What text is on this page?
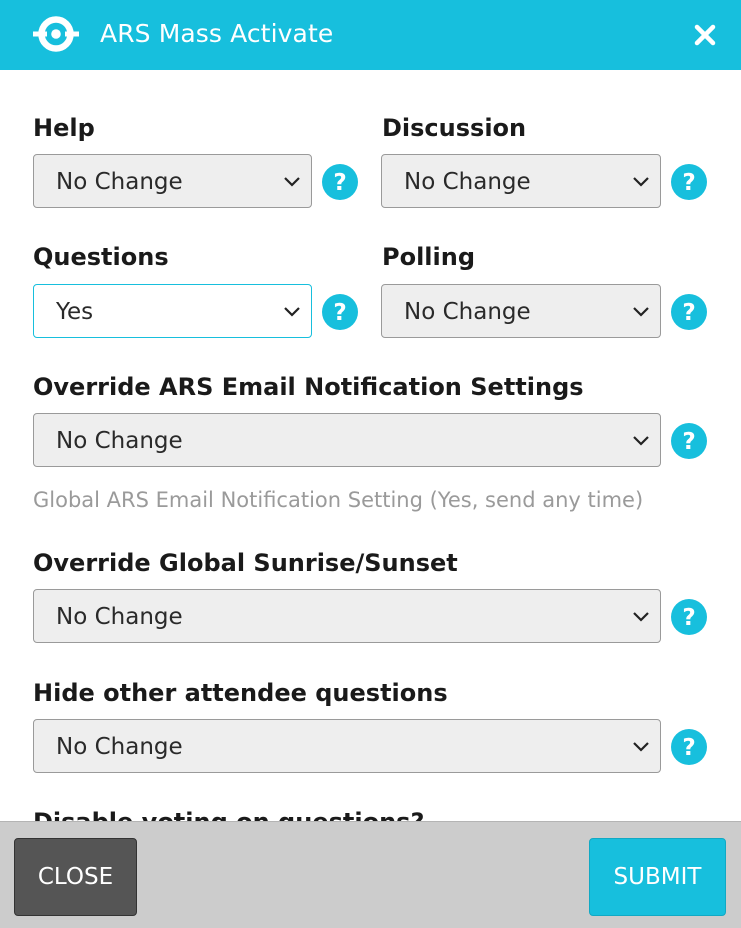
ARS Mass Activate
Help
No Change	?
Discussion
No Change	?
Questions
Yes	?
Polling
No Change	?
Override ARS Email Notification Settings
No Change	?
Global ARS Email Notification Setting (Yes, send any time)
Override Global Sunrise/Sunset
No Change	?
Hide other attendee questions
No Change	?
CLOSE	SUBMIT
